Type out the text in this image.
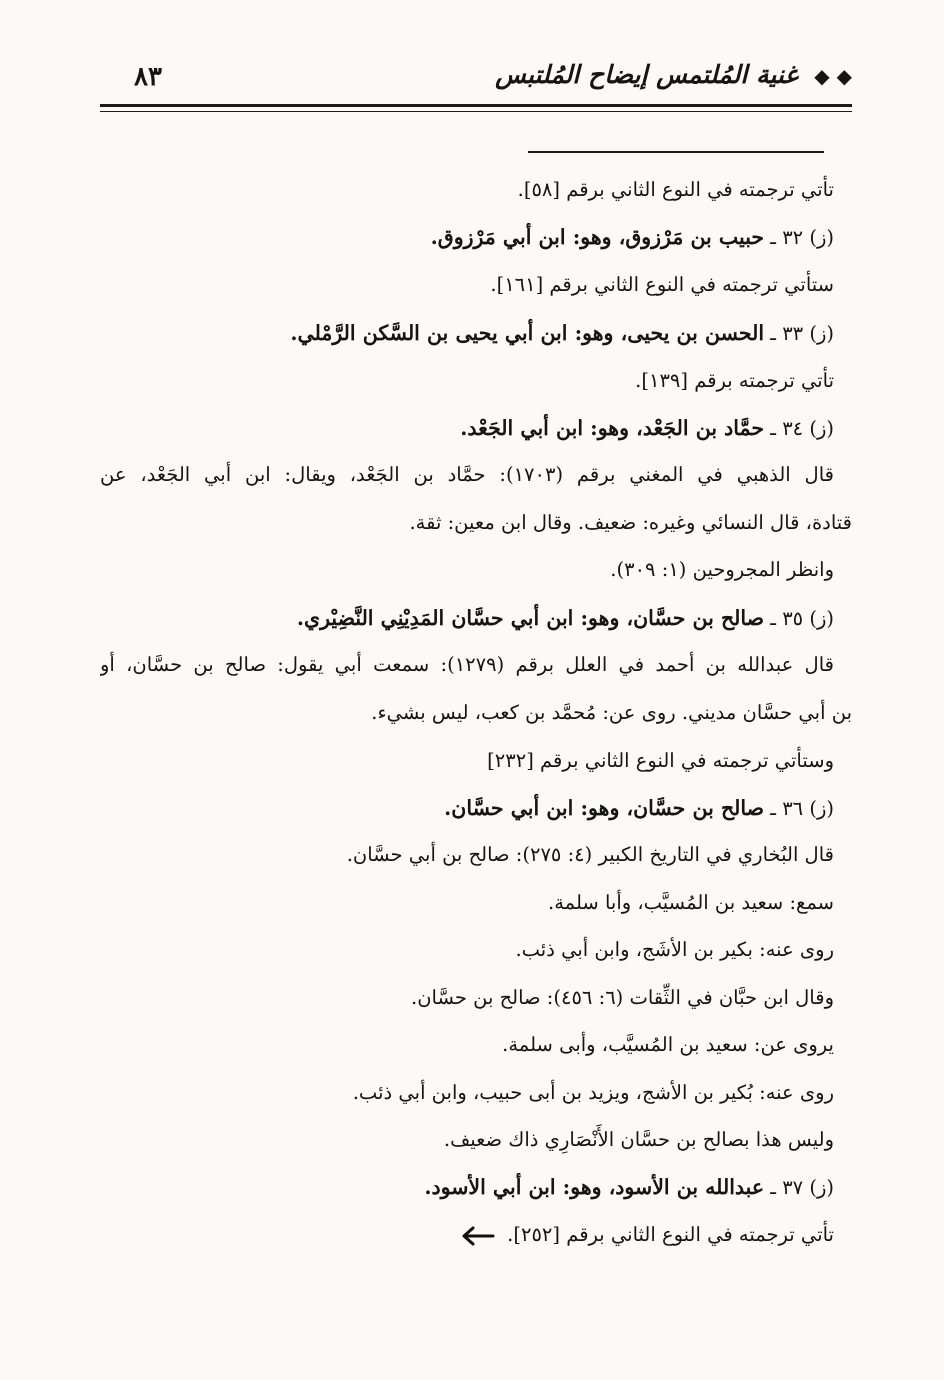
◆ ◆ غنية المُلتمس إيضاح المُلتبس
٨٣
تأتي ترجمته في النوع الثاني برقم [٥٨].
(ز) ٣٢ ـ حبيب بن مَرْزوق، وهو: ابن أبي مَرْزوق.
ستأتي ترجمته في النوع الثاني برقم [١٦١].
(ز) ٣٣ ـ الحسن بن يحيى، وهو: ابن أبي يحيى بن السَّكن الرَّمْلي.
تأتي ترجمته برقم [١٣٩].
(ز) ٣٤ ـ حمَّاد بن الجَعْد، وهو: ابن أبي الجَعْد.
قال الذهبي في المغني برقم (١٧٠٣): حمَّاد بن الجَعْد، ويقال: ابن أبي الجَعْد، عن
قتادة، قال النسائي وغيره: ضعيف. وقال ابن معين: ثقة.
وانظر المجروحين (١: ٣٠٩).
(ز) ٣٥ ـ صالح بن حسَّان، وهو: ابن أبي حسَّان المَدِيْنِي النَّضِيْري.
قال عبدالله بن أحمد في العلل برقم (١٢٧٩): سمعت أبي يقول: صالح بن حسَّان، أو
بن أبي حسَّان مديني. روى عن: مُحمَّد بن كعب، ليس بشيء.
وستأتي ترجمته في النوع الثاني برقم [٢٣٢]
(ز) ٣٦ ـ صالح بن حسَّان، وهو: ابن أبي حسَّان.
قال البُخاري في التاريخ الكبير (٤: ٢٧٥): صالح بن أبي حسَّان.
سمع: سعيد بن المُسيَّب، وأبا سلمة.
روى عنه: بكير بن الأشَج، وابن أبي ذئب.
وقال ابن حبَّان في الثِّقات (٦: ٤٥٦): صالح بن حسَّان.
يروى عن: سعيد بن المُسيَّب، وأبى سلمة.
روى عنه: بُكير بن الأشج، ويزيد بن أبى حبيب، وابن أبي ذئب.
وليس هذا بصالح بن حسَّان الأَنْصَارِي ذاك ضعيف.
(ز) ٣٧ ـ عبدالله بن الأسود، وهو: ابن أبي الأسود.
تأتي ترجمته في النوع الثاني برقم [٢٥٢].
